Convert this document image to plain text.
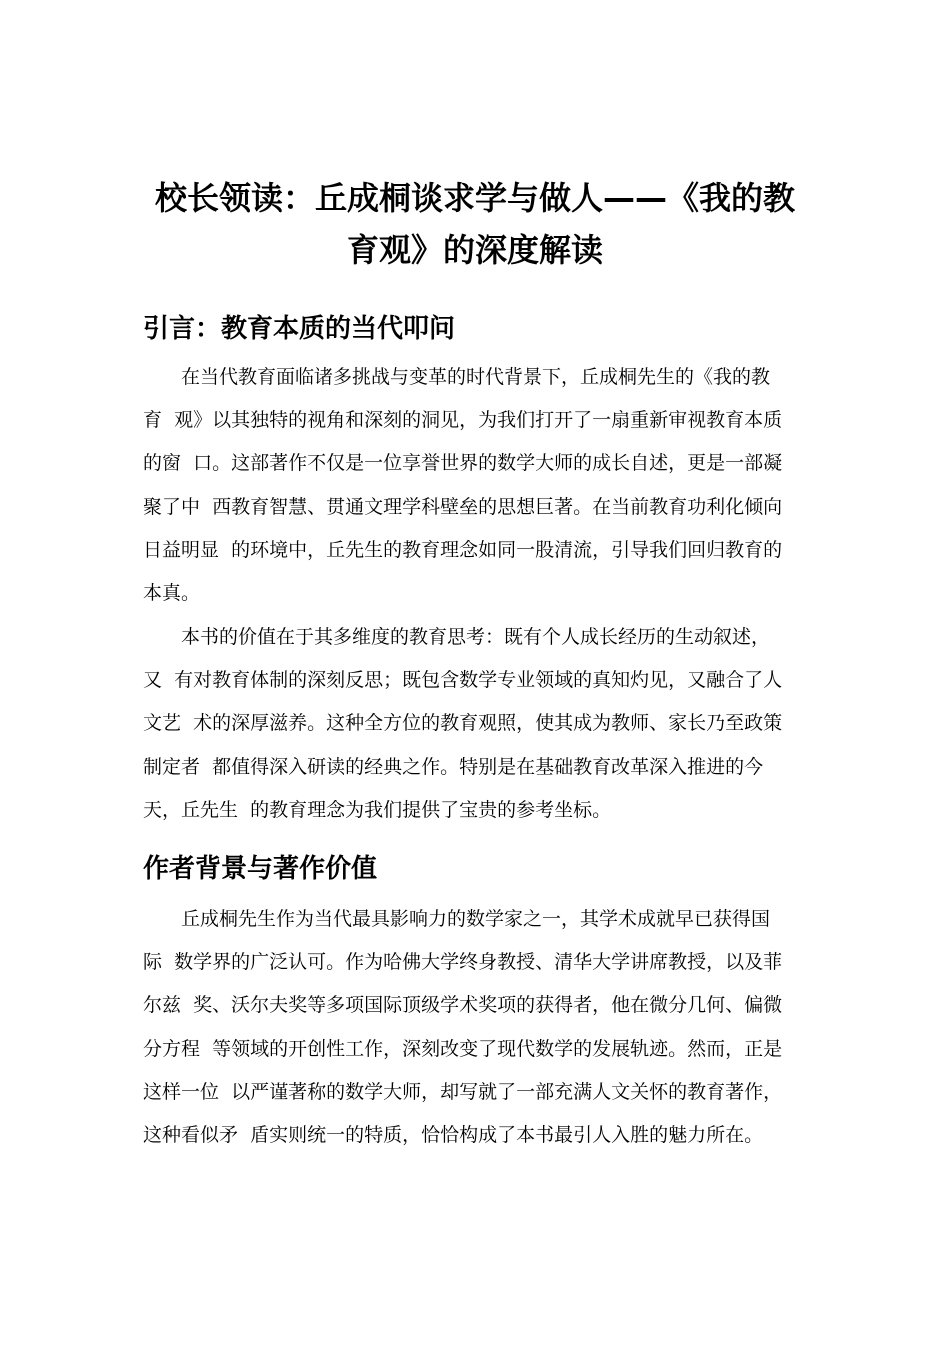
校长领读：丘成桐谈求学与做人——《我的教
育观》的深度解读
引言：教育本质的当代叩问
在当代教育面临诸多挑战与变革的时代背景下，丘成桐先生的《我的教
育  观》以其独特的视角和深刻的洞见，为我们打开了一扇重新审视教育本质
的窗  口。这部著作不仅是一位享誉世界的数学大师的成长自述，更是一部凝
聚了中  西教育智慧、贯通文理学科壁垒的思想巨著。在当前教育功利化倾向
日益明显  的环境中，丘先生的教育理念如同一股清流，引导我们回归教育的
本真。
本书的价值在于其多维度的教育思考：既有个人成长经历的生动叙述，
又  有对教育体制的深刻反思；既包含数学专业领域的真知灼见，又融合了人
文艺  术的深厚滋养。这种全方位的教育观照，使其成为教师、家长乃至政策
制定者  都值得深入研读的经典之作。特别是在基础教育改革深入推进的今
天，丘先生  的教育理念为我们提供了宝贵的参考坐标。
作者背景与著作价值
丘成桐先生作为当代最具影响力的数学家之一，其学术成就早已获得国
际  数学界的广泛认可。作为哈佛大学终身教授、清华大学讲席教授，以及菲
尔兹  奖、沃尔夫奖等多项国际顶级学术奖项的获得者，他在微分几何、偏微
分方程  等领域的开创性工作，深刻改变了现代数学的发展轨迹。然而，正是
这样一位  以严谨著称的数学大师，却写就了一部充满人文关怀的教育著作，
这种看似矛  盾实则统一的特质，恰恰构成了本书最引人入胜的魅力所在。
